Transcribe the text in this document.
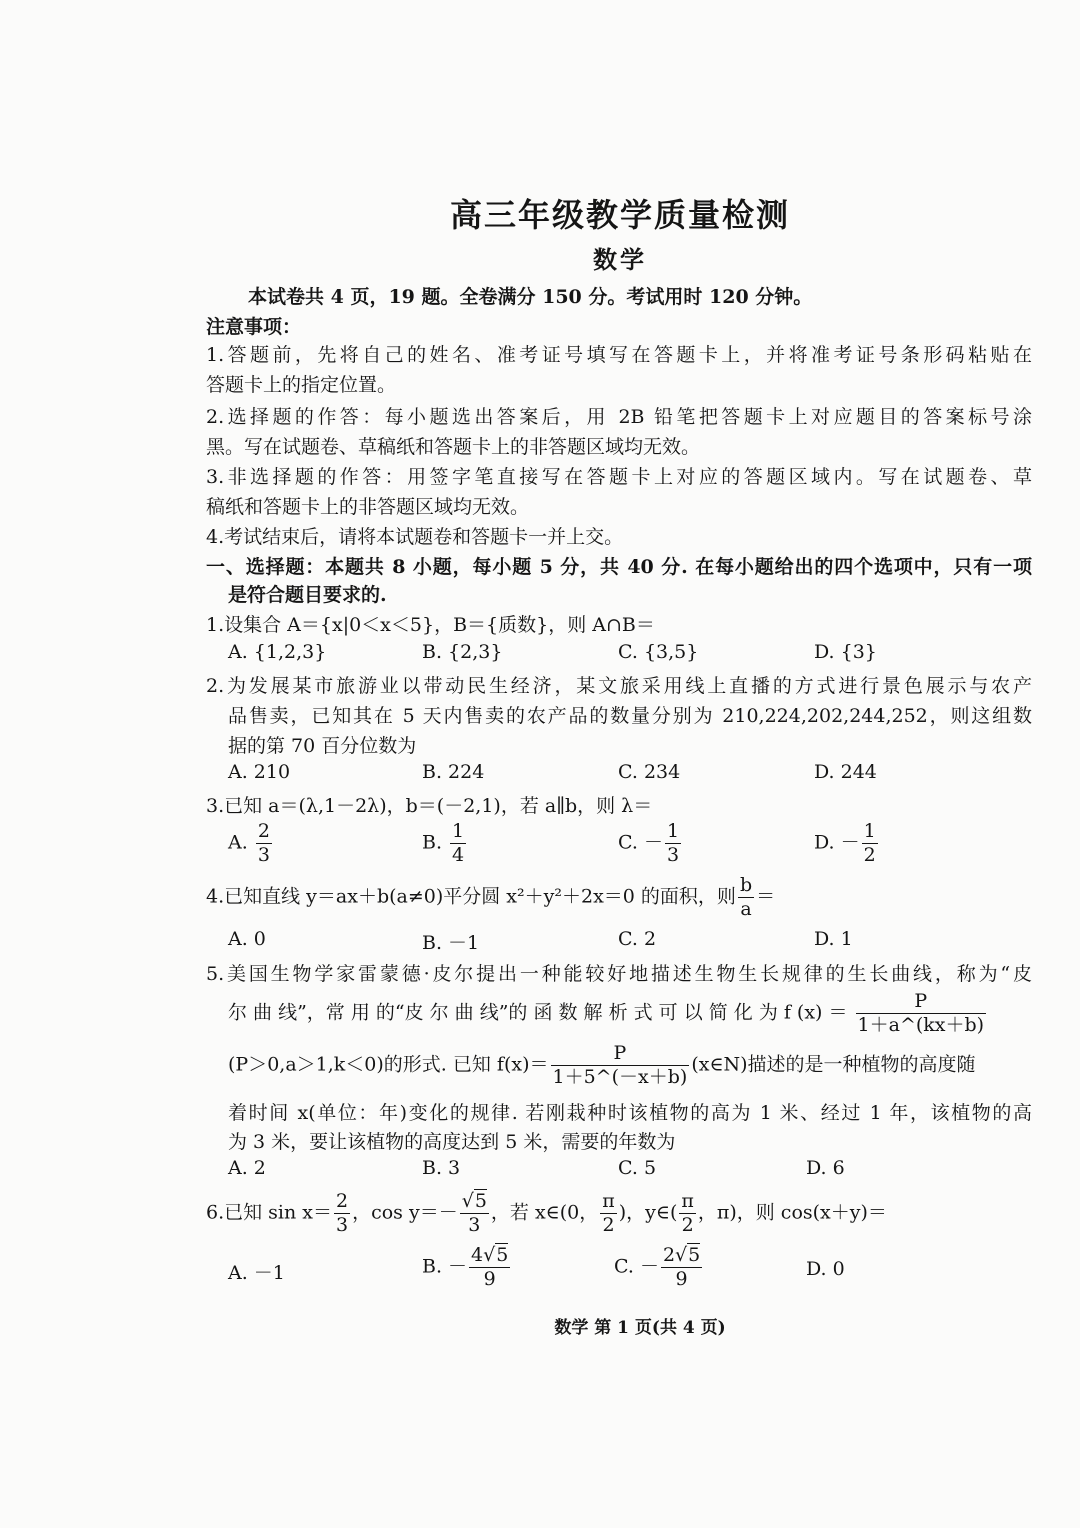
高三年级教学质量检测
数学
本试卷共 4 页，19 题。全卷满分 150 分。考试用时 120 分钟。
注意事项：
1.答题前，先将自己的姓名、准考证号填写在答题卡上，并将准考证号条形码粘贴在
答题卡上的指定位置。
2.选择题的作答：每小题选出答案后，用 2B 铅笔把答题卡上对应题目的答案标号涂
黑。写在试题卷、草稿纸和答题卡上的非答题区域均无效。
3.非选择题的作答：用签字笔直接写在答题卡上对应的答题区域内。写在试题卷、草
稿纸和答题卡上的非答题区域均无效。
4.考试结束后，请将本试题卷和答题卡一并上交。
一、选择题：本题共 8 小题，每小题 5 分，共 40 分. 在每小题给出的四个选项中，只有一项
是符合题目要求的.
1.设集合 A＝{x|0＜x＜5}，B＝{质数}，则 A∩B＝
A. {1,2,3}	B. {2,3}	C. {3,5}	D. {3}
2.为发展某市旅游业以带动民生经济，某文旅采用线上直播的方式进行景色展示与农产
品售卖，已知其在 5 天内售卖的农产品的数量分别为 210,224,202,244,252，则这组数
据的第 70 百分位数为
A. 210	B. 224	C. 234	D. 244
3.已知 a＝(λ,1－2λ)，b＝(－2,1)，若 a∥b，则 λ＝
A. $\frac{2}{3}$	B. $\frac{1}{4}$	C. － $\frac{1}{3}$	D. － $\frac{1}{2}$
4.已知直线 y＝ax＋b(a≠0)平分圆 x²＋y²＋2x＝0 的面积，则 $\frac{b}{a}$ ＝
A. 0	B. －1	C. 2	D. 1
5.美国生物学家雷蒙德·皮尔提出一种能较好地描述生物生长规律的生长曲线，称为“皮
尔 曲 线”，常 用 的“皮 尔 曲 线”的 函 数 解 析 式 可 以 简 化 为 f $(x) = \frac{P}{1+a\^{}(kx+b)}$
(P＞0,a＞1,k＜0)的形式. 已知 $f(x)= \frac{P}{1+5\^{}(-x+b)}$ (x∈N)描述的是一种植物的高度随
着时间 x(单位：年)变化的规律. 若刚栽种时该植物的高为 1 米、经过 1 年，该植物的高
为 3 米，要让该植物的高度达到 5 米，需要的年数为
A. 2	B. 3	C. 5	D. 6
6.已知 $\sin x= \frac{2}{3}$ ，$\cos y=- \frac{√5}{3}$ ，若 x∈(0， $\frac{\pi}{2}$ )，y∈( $\frac{\pi}{2}$ ，π)，则 cos(x＋y)＝
A. －1	B. － $\frac{4√5}{9}$	C. － $\frac{2√5}{9}$	D. 0
数学 第 1 页(共 4 页)
